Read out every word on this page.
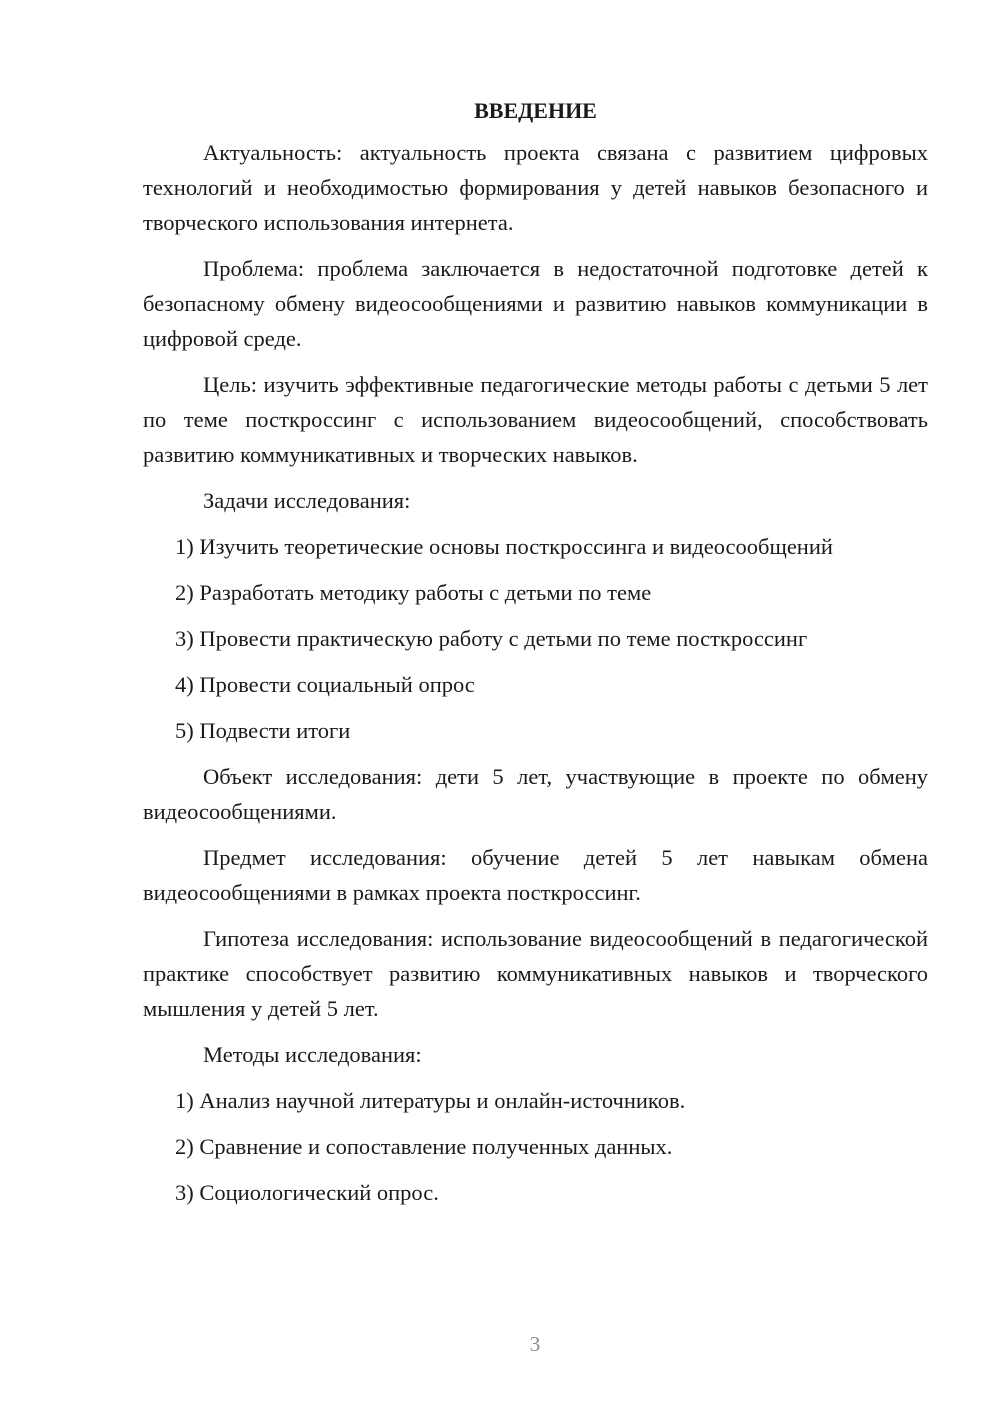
ВВЕДЕНИЕ

Актуальность: актуальность проекта связана с развитием цифровых технологий и необходимостью формирования у детей навыков безопасного и творческого использования интернета.

Проблема: проблема заключается в недостаточной подготовке детей к безопасному обмену видеосообщениями и развитию навыков коммуникации в цифровой среде.

Цель: изучить эффективные педагогические методы работы с детьми 5 лет по теме посткроссинг с использованием видеосообщений, способствовать развитию коммуникативных и творческих навыков.

Задачи исследования:
1) Изучить теоретические основы посткроссинга и видеосообщений
2) Разработать методику работы с детьми по теме
3) Провести практическую работу с детьми по теме посткроссинг
4) Провести социальный опрос
5) Подвести итоги

Объект исследования: дети 5 лет, участвующие в проекте по обмену видеосообщениями.

Предмет исследования: обучение детей 5 лет навыкам обмена видеосообщениями в рамках проекта посткроссинг.

Гипотеза исследования: использование видеосообщений в педагогической практике способствует развитию коммуникативных навыков и творческого мышления у детей 5 лет.

Методы исследования:
1) Анализ научной литературы и онлайн-источников.
2) Сравнение и сопоставление полученных данных.
3) Социологический опрос.
3
